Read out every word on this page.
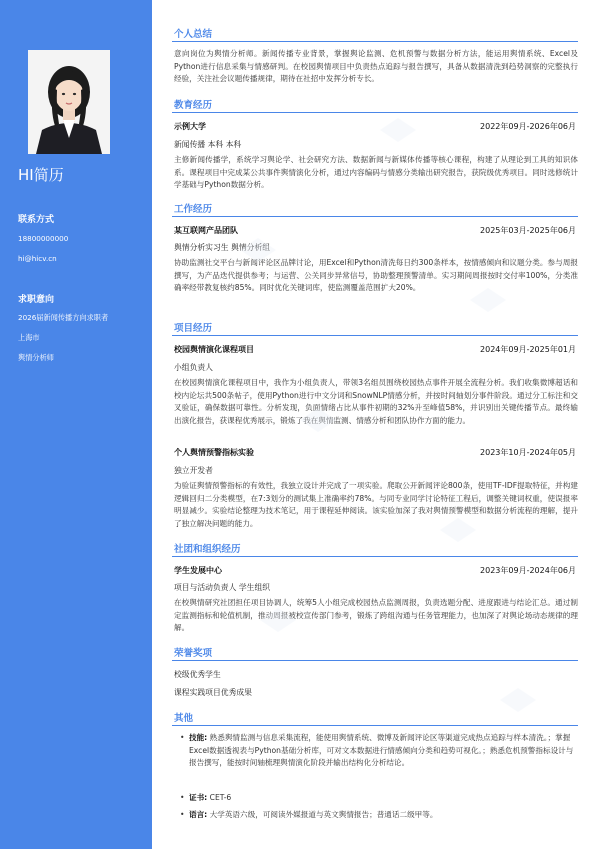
HI简历
联系方式
18800000000
hi@hicv.cn
求职意向
2026届新闻传播方向求职者
上海市
舆情分析师
个人总结
意向岗位为舆情分析师。新闻传播专业背景，掌握舆论监测、危机预警与数据分析方法，能运用舆情系统、Excel及Python进行信息采集与情感研判。在校园舆情项目中负责热点追踪与报告撰写，具备从数据清洗到趋势洞察的完整执行经验，关注社会议题传播规律，期待在社招中发挥分析专长。
教育经历
示例大学	2022年09月-2026年06月
新闻传播 本科 本科
主修新闻传播学，系统学习舆论学、社会研究方法、数据新闻与新媒体传播等核心课程，构建了从理论到工具的知识体系。课程项目中完成某公共事件舆情演化分析，通过内容编码与情感分类输出研究报告，获院级优秀项目。同时选修统计学基础与Python数据分析。
工作经历
某互联网产品团队	2025年03月-2025年06月
舆情分析实习生 舆情分析组
协助监测社交平台与新闻评论区品牌讨论，用Excel和Python清洗每日约300条样本，按情感倾向和议题分类。参与周报撰写，为产品迭代提供参考；与运营、公关同步异常信号，协助整理预警清单。实习期间周报按时交付率100%，分类准确率经带教复核约85%。同时优化关键词库，使监测覆盖范围扩大20%。
项目经历
校园舆情演化课程项目	2024年09月-2025年01月
小组负责人
在校园舆情演化课程项目中，我作为小组负责人，带领3名组员围绕校园热点事件开展全流程分析。我们收集微博超话和校内论坛共500条帖子，使用Python进行中文分词和SnowNLP情感分析，并按时间轴划分事件阶段。通过分工标注和交叉验证，确保数据可靠性。分析发现，负面情绪占比从事件初期的32%升至峰值58%，并识别出关键传播节点。最终输出演化报告，获课程优秀展示，锻炼了我在舆情监测、情感分析和团队协作方面的能力。
个人舆情预警指标实验	2023年10月-2024年05月
独立开发者
为验证舆情预警指标的有效性，我独立设计并完成了一项实验。爬取公开新闻评论800条，使用TF-IDF提取特征，并构建逻辑回归二分类模型，在7:3划分的测试集上准确率约78%。与同专业同学讨论特征工程后，调整关键词权重，使误报率明显减少。实验结论整理为技术笔记，用于课程延伸阅读。该实验加深了我对舆情预警模型和数据分析流程的理解，提升了独立解决问题的能力。
社团和组织经历
学生发展中心	2023年09月-2024年06月
项目与活动负责人 学生组织
在校舆情研究社团担任项目协调人，统筹5人小组完成校园热点监测周报，负责选题分配、进度跟进与结论汇总。通过制定监测指标和轮值机制，推动周报被校宣传部门参考，锻炼了跨组沟通与任务管理能力，也加深了对舆论场动态规律的理解。
荣誉奖项
校级优秀学生
课程实践项目优秀成果
其他
• 技能: 熟悉舆情监测与信息采集流程，能使用舆情系统、微博及新闻评论区等渠道完成热点追踪与样本清洗。；掌握Excel数据透视表与Python基础分析库，可对文本数据进行情感倾向分类和趋势可视化。；熟悉危机预警指标设计与报告撰写，能按时间轴梳理舆情演化阶段并输出结构化分析结论。
• 证书: CET-6
• 语言: 大学英语六级，可阅读外媒报道与英文舆情报告；普通话二级甲等。
